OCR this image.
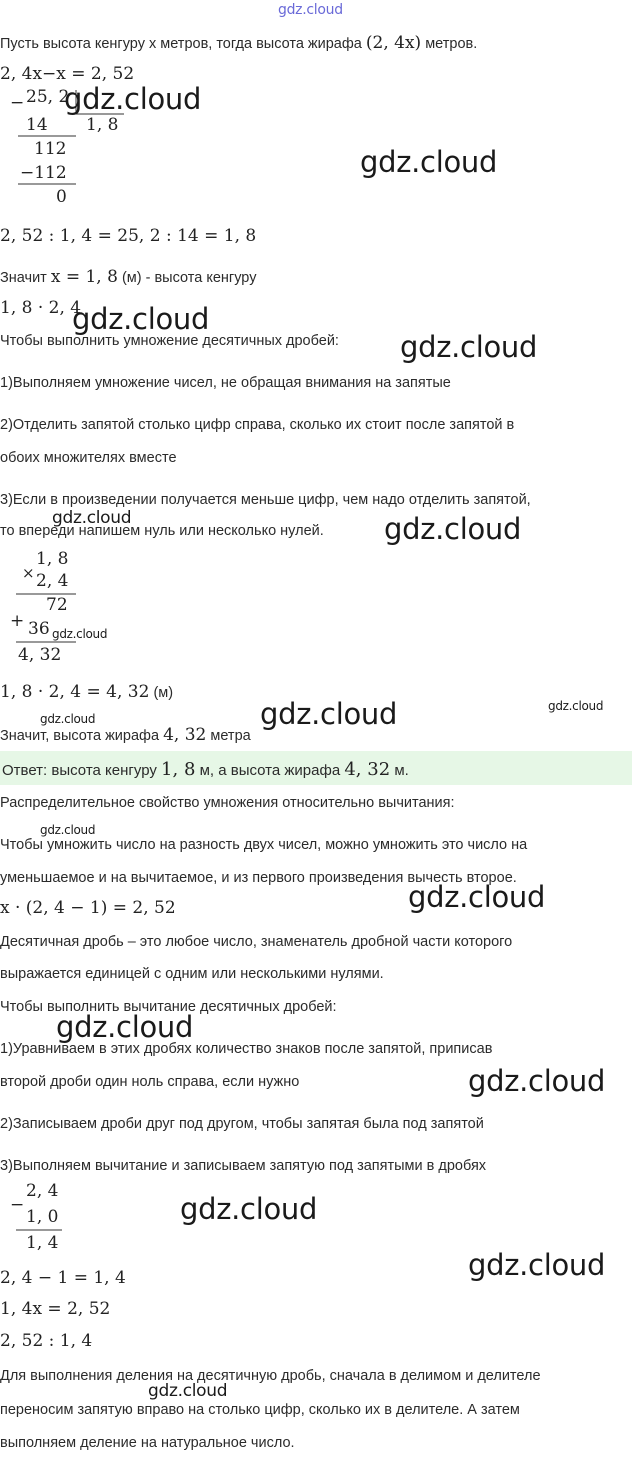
gdz.cloud
Пусть высота кенгуру x метров, тогда высота жирафа (2, 4x) метров.
2, 4x−x = 2, 52
− 25, 2
14 1, 8
112
−112
0
2, 52 : 1, 4 = 25, 2 : 14 = 1, 8
Значит x = 1, 8 (м) - высота кенгуру
1, 8 · 2, 4
Чтобы выполнить умножение десятичных дробей:
1)Выполняем умножение чисел, не обращая внимания на запятые
2)Отделить запятой столько цифр справа, сколько их стоит после запятой в
обоих множителях вместе
3)Если в произведении получается меньше цифр, чем надо отделить запятой,
то впереди напишем нуль или несколько нулей.
1, 8
× 2, 4
72
+ 36
4, 32
1, 8 · 2, 4 = 4, 32 (м)
Значит, высота жирафа 4, 32 метра
Ответ: высота кенгуру 1, 8 м, а высота жирафа 4, 32 м.
Распределительное свойство умножения относительно вычитания:
Чтобы умножить число на разность двух чисел, можно умножить это число на
уменьшаемое и на вычитаемое, и из первого произведения вычесть второе.
x · (2, 4 − 1) = 2, 52
Десятичная дробь – это любое число, знаменатель дробной части которого
выражается единицей с одним или несколькими нулями.
Чтобы выполнить вычитание десятичных дробей:
1)Уравниваем в этих дробях количество знаков после запятой, приписав
второй дроби один ноль справа, если нужно
2)Записываем дроби друг под другом, чтобы запятая была под запятой
3)Выполняем вычитание и записываем запятую под запятыми в дробях
2, 4
−
1, 0
1, 4
2, 4 − 1 = 1, 4
1, 4x = 2, 52
2, 52 : 1, 4
Для выполнения деления на десятичную дробь, сначала в делимом и делителе
переносим запятую вправо на столько цифр, сколько их в делителе. А затем
выполняем деление на натуральное число.
gdz.cloud
gdz.cloud
gdz.cloud
gdz.cloud
gdz.cloud	gdz.cloud
gdz.cloud
gdz.cloud
gdz.cloud	gdz.cloud
gdz.cloud
gdz.cloud
gdz.cloud
gdz.cloud
gdz.cloud
gdz.cloud
gdz.cloud
